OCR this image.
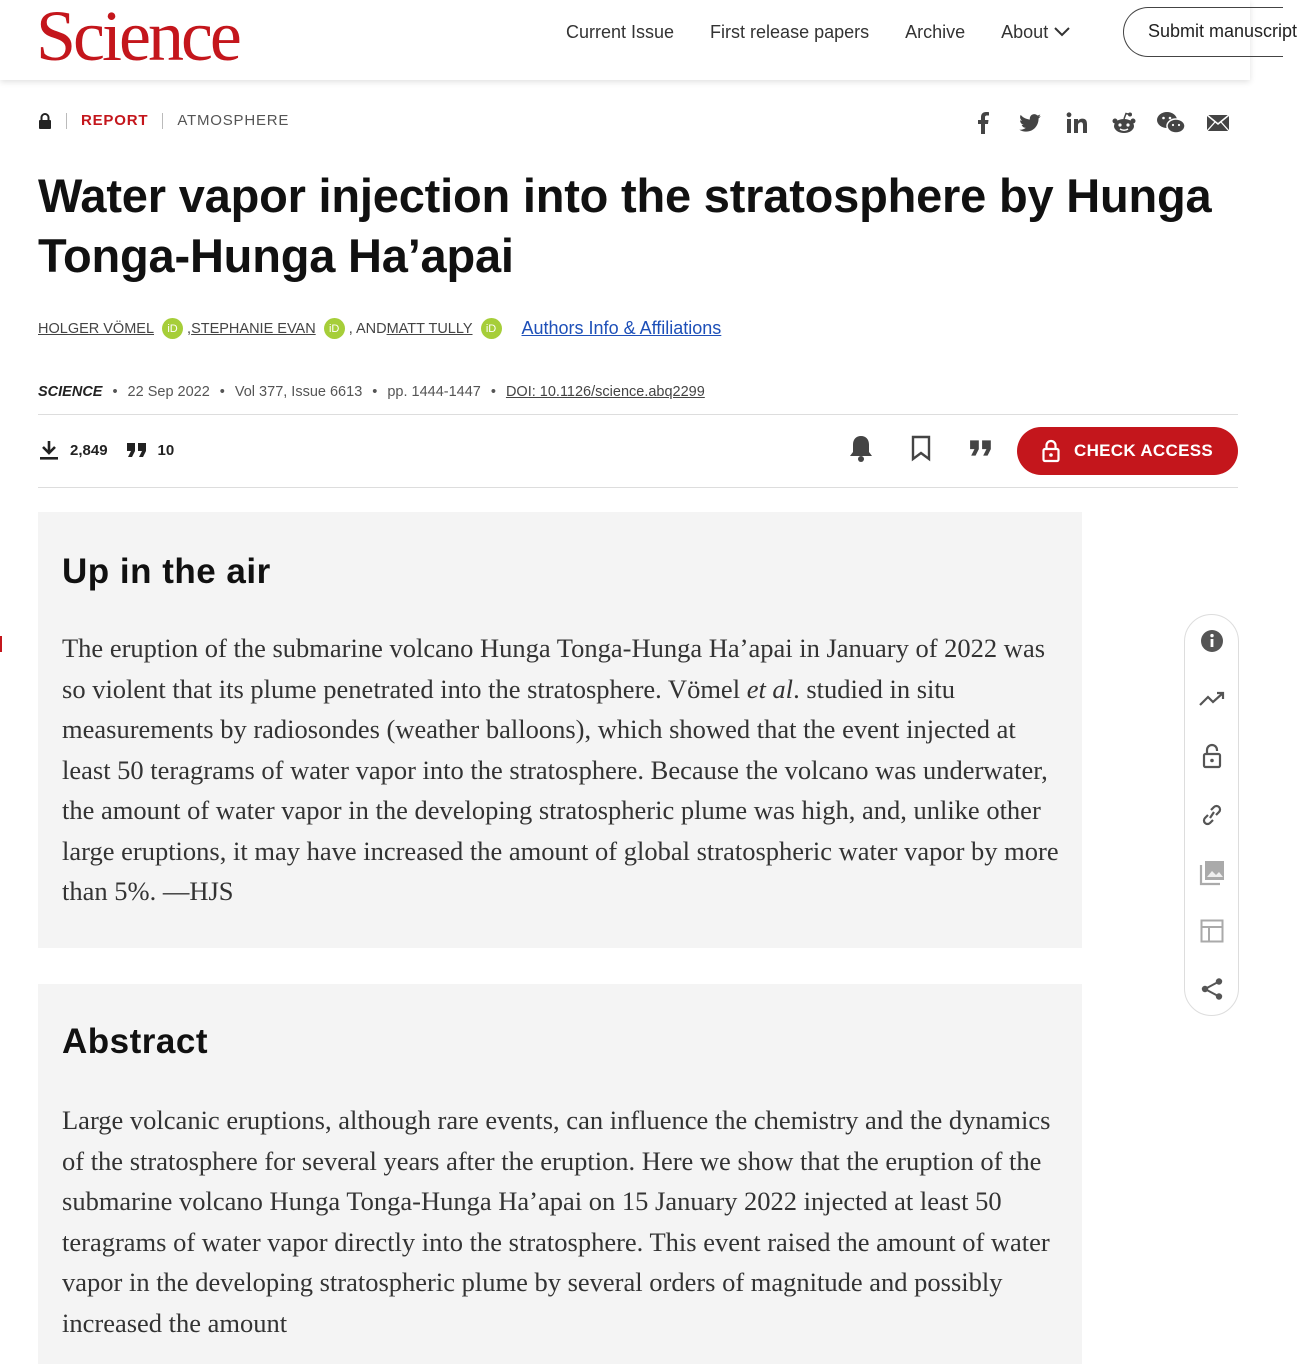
Science	Current Issue First release papers Archive About	Submit manuscript
REPORT ATMOSPHERE
Water vapor injection into the stratosphere by Hunga Tonga-Hunga Ha’apai
HOLGER VÖMEL	iD , STEPHANIE EVAN	iD , AND MATT TULLY	iD Authors Info & Affiliations
SCIENCE • 22 Sep 2022 • Vol 377, Issue 6613 • pp. 1444-1447 • DOI: 10.1126/science.abq2299
2,849	10	CHECK ACCESS
Up in the air

The eruption of the submarine volcano Hunga Tonga-Hunga Ha’apai in January of 2022 was so violent that its plume penetrated into the stratosphere. Vömel et al. studied in situ measurements by radiosondes (weather balloons), which showed that the event injected at least 50 teragrams of water vapor into the stratosphere. Because the volcano was underwater, the amount of water vapor in the developing stratospheric plume was high, and, unlike other large eruptions, it may have increased the amount of global stratospheric water vapor by more than 5%. —HJS

Abstract

Large volcanic eruptions, although rare events, can influence the chemistry and the dynamics of the stratosphere for several years after the eruption. Here we show that the eruption of the submarine volcano Hunga Tonga-Hunga Ha’apai on 15 January 2022 injected at least 50 teragrams of water vapor directly into the stratosphere. This event raised the amount of water vapor in the developing stratospheric plume by several orders of magnitude and possibly increased the amount
